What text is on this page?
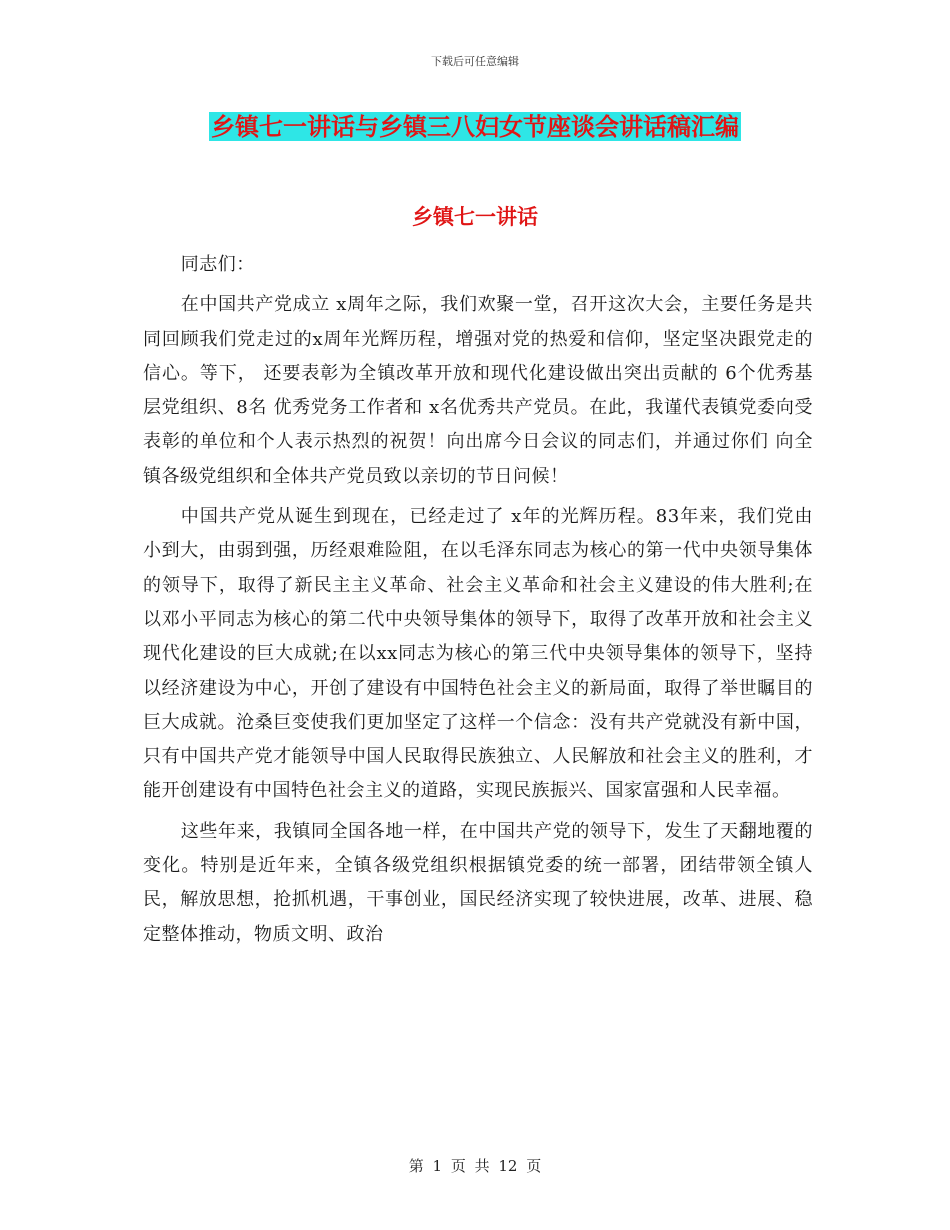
下载后可任意编辑
乡镇七一讲话与乡镇三八妇女节座谈会讲话稿汇编
乡镇七一讲话

同志们：

在中国共产党成立 x周年之际，我们欢聚一堂，召开这次大会，主要任务是共同回顾我们党走过的x周年光辉历程，增强对党的热爱和信仰，坚定坚决跟党走的信心。等下， 还要表彰为全镇改革开放和现代化建设做出突出贡献的 6个优秀基层党组织、8名 优秀党务工作者和 x名优秀共产党员。在此，我谨代表镇党委向受表彰的单位和个人表示热烈的祝贺！向出席今日会议的同志们，并通过你们 向全镇各级党组织和全体共产党员致以亲切的节日问候！

中国共产党从诞生到现在，已经走过了 x年的光辉历程。83年来，我们党由小到大，由弱到强，历经艰难险阻，在以毛泽东同志为核心的第一代中央领导集体的领导下，取得了新民主主义革命、社会主义革命和社会主义建设的伟大胜利;在以邓小平同志为核心的第二代中央领导集体的领导下，取得了改革开放和社会主义现代化建设的巨大成就;在以xx同志为核心的第三代中央领导集体的领导下，坚持以经济建设为中心，开创了建设有中国特色社会主义的新局面，取得了举世瞩目的巨大成就。沧桑巨变使我们更加坚定了这样一个信念：没有共产党就没有新中国，只有中国共产党才能领导中国人民取得民族独立、人民解放和社会主义的胜利，才能开创建设有中国特色社会主义的道路，实现民族振兴、国家富强和人民幸福。

这些年来，我镇同全国各地一样，在中国共产党的领导下，发生了天翻地覆的变化。特别是近年来，全镇各级党组织根据镇党委的统一部署，团结带领全镇人民，解放思想，抢抓机遇，干事创业，国民经济实现了较快进展，改革、进展、稳定整体推动，物质文明、政治

第 1 页 共 12 页
